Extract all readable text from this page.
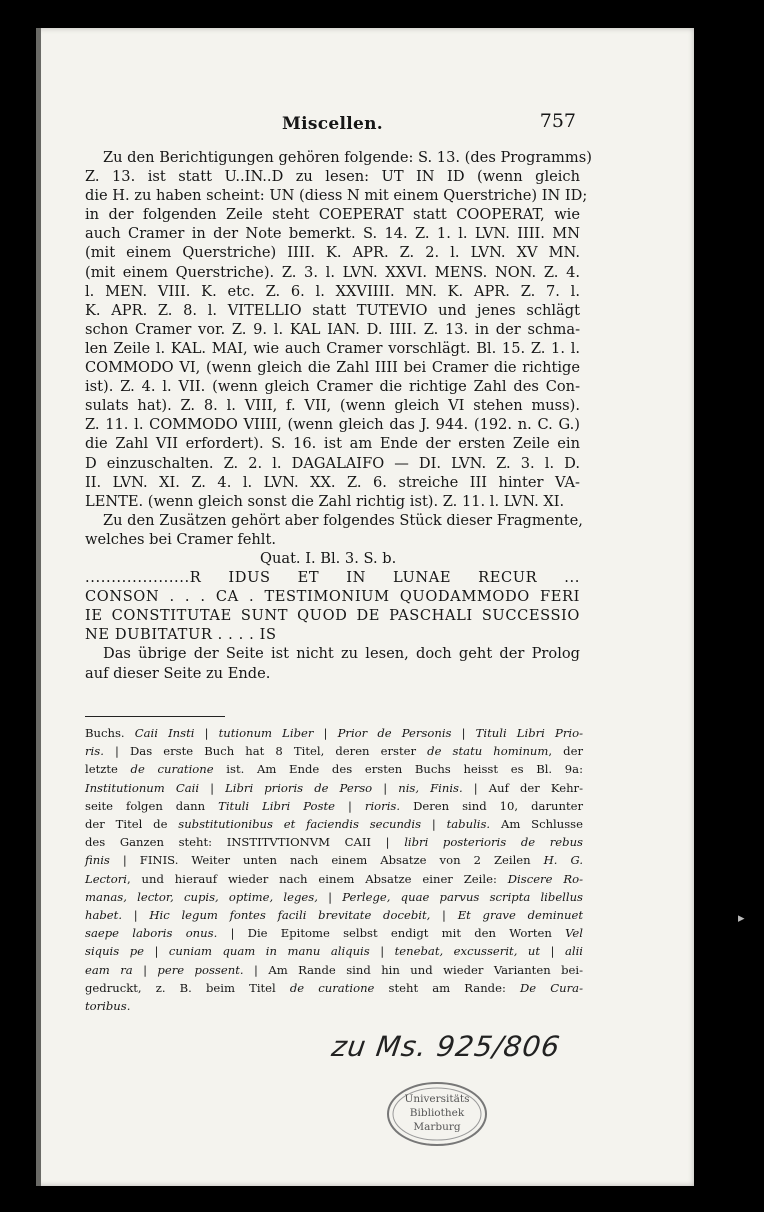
Miscellen.	757
Zu den Berichtigungen gehören folgende: S. 13. (des Programms)
Z. 13. ist statt U..IN..D zu lesen: UT IN ID (wenn gleich
die H. zu haben scheint: UN (diess N mit einem Querstriche) IN ID;
in der folgenden Zeile steht COEPERAT statt COOPERAT, wie
auch Cramer in der Note bemerkt. S. 14. Z. 1. l. LVN. IIII. MN
(mit einem Querstriche) IIII. K. APR. Z. 2. l. LVN. XV MN.
(mit einem Querstriche). Z. 3. l. LVN. XXVI. MENS. NON. Z. 4.
l. MEN. VIII. K. etc. Z. 6. l. XXVIIII. MN. K. APR. Z. 7. l.
K. APR. Z. 8. l. VITELLIO statt TUTEVIO und jenes schlägt
schon Cramer vor. Z. 9. l. KAL IAN. D. IIII. Z. 13. in der schma-
len Zeile l. KAL. MAI, wie auch Cramer vorschlägt. Bl. 15. Z. 1. l.
COMMODO VI, (wenn gleich die Zahl IIII bei Cramer die richtige
ist). Z. 4. l. VII. (wenn gleich Cramer die richtige Zahl des Con-
sulats hat). Z. 8. l. VIII, f. VII, (wenn gleich VI stehen muss).
Z. 11. l. COMMODO VIIII, (wenn gleich das J. 944. (192. n. C. G.)
die Zahl VII erfordert). S. 16. ist am Ende der ersten Zeile ein
D einzuschalten. Z. 2. l. DAGALAIFO — DI. LVN. Z. 3. l. D.
II. LVN. XI. Z. 4. l. LVN. XX. Z. 6. streiche III hinter VA-
LENTE. (wenn gleich sonst die Zahl richtig ist). Z. 11. l. LVN. XI.
Zu den Zusätzen gehört aber folgendes Stück dieser Fragmente,
welches bei Cramer fehlt.
Quat. I. Bl. 3. S. b.
....................R IDUS ET IN LUNAE RECUR ...
CONSON . . . CA . TESTIMONIUM QUODAMMODO FERI
IE CONSTITUTAE SUNT QUOD DE PASCHALI SUCCESSIO
NE DUBITATUR . . . . IS
Das übrige der Seite ist nicht zu lesen, doch geht der Prolog
auf dieser Seite zu Ende.
Buchs. Caii Insti | tutionum Liber | Prior de Personis | Tituli Libri Prio-
ris. | Das erste Buch hat 8 Titel, deren erster de statu hominum, der
letzte de curatione ist. Am Ende des ersten Buchs heisst es Bl. 9a:
Institutionum Caii | Libri prioris de Perso | nis, Finis. | Auf der Kehr-
seite folgen dann Tituli Libri Poste | rioris. Deren sind 10, darunter
der Titel de substitutionibus et faciendis secundis | tabulis. Am Schlusse
des Ganzen steht: INSTITVTIONVM CAII | libri posterioris de rebus
finis | FINIS. Weiter unten nach einem Absatze von 2 Zeilen H. G.
Lectori, und hierauf wieder nach einem Absatze einer Zeile: Discere Ro-
manas, lector, cupis, optime, leges, | Perlege, quae parvus scripta libellus
habet. | Hic legum fontes facili brevitate docebit, | Et grave deminuet
saepe laboris onus. | Die Epitome selbst endigt mit den Worten Vel
siquis pe | cuniam quam in manu aliquis | tenebat, excusserit, ut | alii
eam ra | pere possent. | Am Rande sind hin und wieder Varianten bei-
gedruckt, z. B. beim Titel de curatione steht am Rande: De Cura-
toribus.
zu Ms. 925/806
Universitäts
Bibliothek
Marburg
▸
